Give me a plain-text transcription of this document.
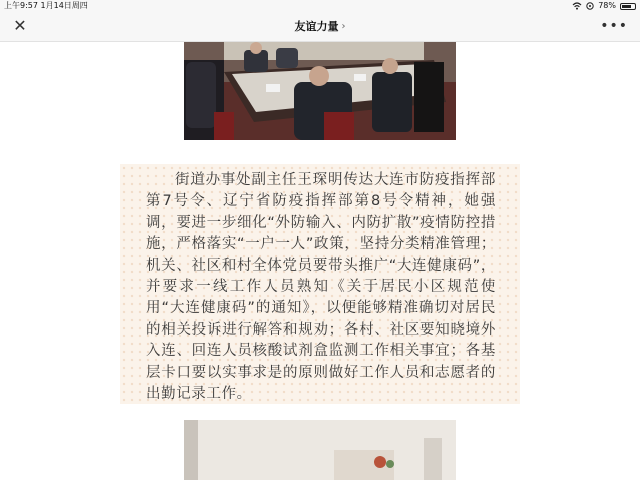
上午9:57 1月14日周四	78%
✕	友谊力量 ›	•••

街道办事处副主任王琛明传达大连市防疫指挥部第7号令、辽宁省防疫指挥部第8号令精神，她强调，要进一步细化“外防输入、内防扩散”疫情防控措施，严格落实“一户一人”政策，坚持分类精准管理；机关、社区和村全体党员要带头推广“大连健康码”，并要求一线工作人员熟知《关于居民小区规范使用“大连健康码”的通知》，以便能够精准确切对居民的相关投诉进行解答和规劝；各村、社区要知晓境外入连、回连人员核酸试剂盒监测工作相关事宜；各基层卡口要以实事求是的原则做好工作人员和志愿者的出勤记录工作。
